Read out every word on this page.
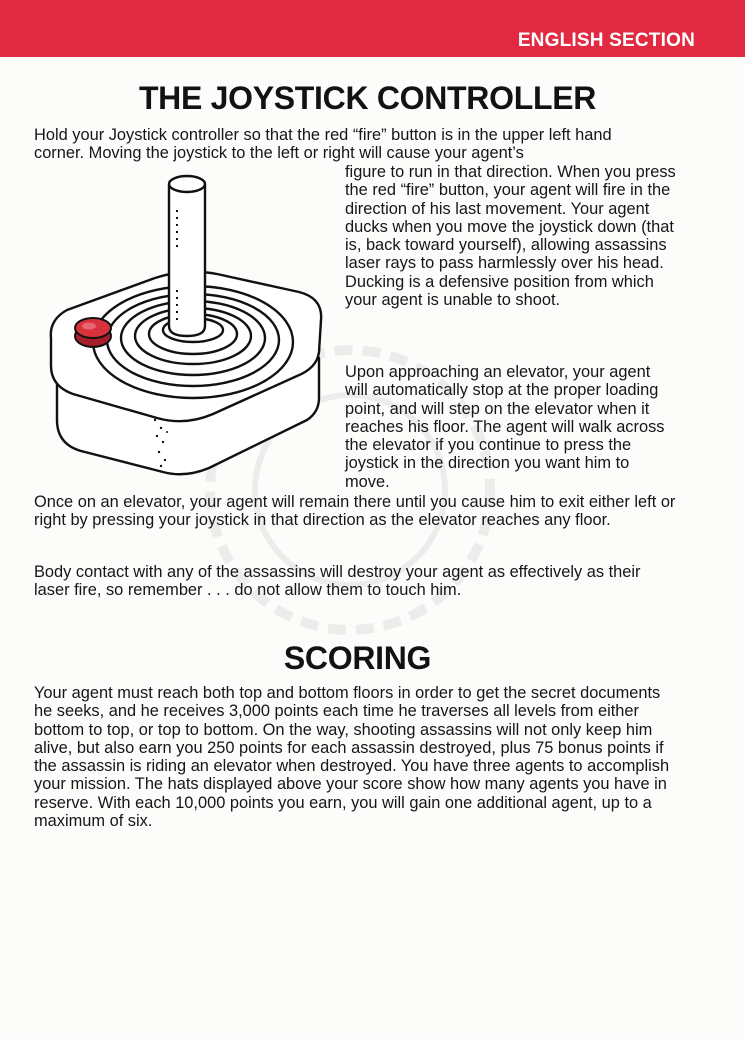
ENGLISH SECTION
THE JOYSTICK CONTROLLER

Hold your Joystick controller so that the red “fire” button is in the upper left hand corner. Moving the joystick to the left or right will cause your agent’s

figure to run in that direction. When you press the red “fire” button, your agent will fire in the direction of his last movement. Your agent ducks when you move the joystick down (that is, back toward yourself), allowing assassins laser rays to pass harmlessly over his head. Ducking is a defensive position from which your agent is unable to shoot.

Upon approaching an elevator, your agent will automatically stop at the proper loading point, and will step on the elevator when it reaches his floor. The agent will walk across the elevator if you continue to press the joystick in the direction you want him to move.

Once on an elevator, your agent will remain there until you cause him to exit either left or right by pressing your joystick in that direction as the elevator reaches any floor.

Body contact with any of the assassins will destroy your agent as effectively as their laser fire, so remember . . . do not allow them to touch him.

SCORING

Your agent must reach both top and bottom floors in order to get the secret documents he seeks, and he receives 3,000 points each time he traverses all levels from either bottom to top, or top to bottom. On the way, shooting assassins will not only keep him alive, but also earn you 250 points for each assassin destroyed, plus 75 bonus points if the assassin is riding an elevator when destroyed. You have three agents to accomplish your mission. The hats displayed above your score show how many agents you have in reserve. With each 10,000 points you earn, you will gain one additional agent, up to a maximum of six.
